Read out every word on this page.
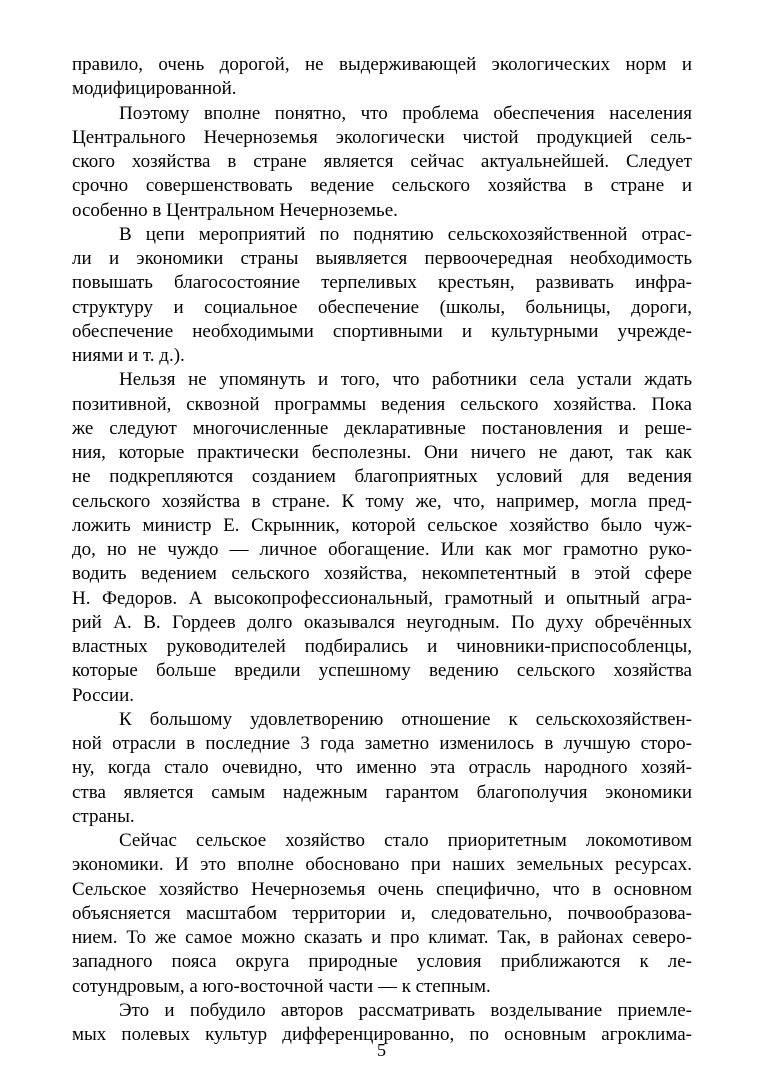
правило, очень дорогой, не выдерживающей экологических норм и
модифицированной.
Поэтому вполне понятно, что проблема обеспечения населения
Центрального Нечерноземья экологически чистой продукцией сель-
ского хозяйства в стране является сейчас актуальнейшей. Следует
срочно совершенствовать ведение сельского хозяйства в стране и
особенно в Центральном Нечерноземье.
В цепи мероприятий по поднятию сельскохозяйственной отрас-
ли и экономики страны выявляется первоочередная необходимость
повышать благосостояние терпеливых крестьян, развивать инфра-
структуру и социальное обеспечение (школы, больницы, дороги,
обеспечение необходимыми спортивными и культурными учрежде-
ниями и т. д.).
Нельзя не упомянуть и того, что работники села устали ждать
позитивной, сквозной программы ведения сельского хозяйства. Пока
же следуют многочисленные декларативные постановления и реше-
ния, которые практически бесполезны. Они ничего не дают, так как
не подкрепляются созданием благоприятных условий для ведения
сельского хозяйства в стране. К тому же, что, например, могла пред-
ложить министр Е. Скрынник, которой сельское хозяйство было чуж-
до, но не чуждо — личное обогащение. Или как мог грамотно руко-
водить ведением сельского хозяйства, некомпетентный в этой сфере
Н. Федоров. А высокопрофессиональный, грамотный и опытный агра-
рий А. В. Гордеев долго оказывался неугодным. По духу обречённых
властных руководителей подбирались и чиновники-приспособленцы,
которые больше вредили успешному ведению сельского хозяйства
России.
К большому удовлетворению отношение к сельскохозяйствен-
ной отрасли в последние 3 года заметно изменилось в лучшую сторо-
ну, когда стало очевидно, что именно эта отрасль народного хозяй-
ства является самым надежным гарантом благополучия экономики
страны.
Сейчас сельское хозяйство стало приоритетным локомотивом
экономики. И это вполне обосновано при наших земельных ресурсах.
Сельское хозяйство Нечерноземья очень специфично, что в основном
объясняется масштабом территории и, следовательно, почвообразова-
нием. То же самое можно сказать и про климат. Так, в районах северо-
западного пояса округа природные условия приближаются к ле-
сотундровым, а юго-восточной части — к степным.
Это и побудило авторов рассматривать возделывание приемле-
мых полевых культур дифференцированно, по основным агроклима-
5
